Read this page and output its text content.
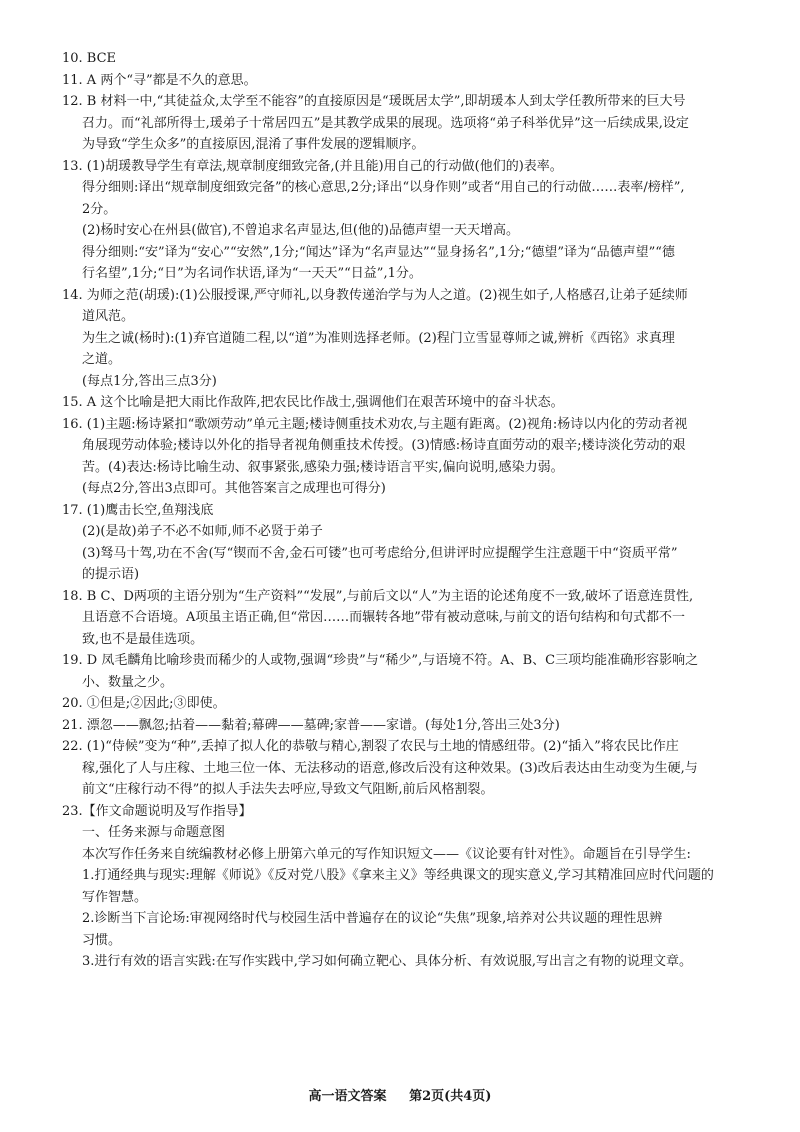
10. BCE
11. A 两个“寻”都是不久的意思。
12. B 材料一中,“其徒益众,太学至不能容”的直接原因是“瑗既居太学”,即胡瑗本人到太学任教所带来的巨大号
召力。而“礼部所得士,瑗弟子十常居四五”是其教学成果的展现。选项将“弟子科举优异”这一后续成果,设定
为导致“学生众多”的直接原因,混淆了事件发展的逻辑顺序。
13. (1)胡瑗教导学生有章法,规章制度细致完备,(并且能)用自己的行动做(他们的)表率。
得分细则:译出“规章制度细致完备”的核心意思,2分;译出“以身作则”或者“用自己的行动做……表率/榜样”,
2分。
(2)杨时安心在州县(做官),不曾追求名声显达,但(他的)品德声望一天天增高。
得分细则:“安”译为“安心”“安然”,1分;“闻达”译为“名声显达”“显身扬名”,1分;“德望”译为“品德声望”“德
行名望”,1分;“日”为名词作状语,译为“一天天”“日益”,1分。
14. 为师之范(胡瑗):(1)公服授课,严守师礼,以身教传递治学与为人之道。(2)视生如子,人格感召,让弟子延续师
道风范。
为生之诚(杨时):(1)弃官道随二程,以“道”为准则选择老师。(2)程门立雪显尊师之诚,辨析《西铭》求真理
之道。
(每点1分,答出三点3分)
15. A 这个比喻是把大雨比作敌阵,把农民比作战士,强调他们在艰苦环境中的奋斗状态。
16. (1)主题:杨诗紧扣“歌颂劳动”单元主题;楼诗侧重技术劝农,与主题有距离。(2)视角:杨诗以内化的劳动者视
角展现劳动体验;楼诗以外化的指导者视角侧重技术传授。(3)情感:杨诗直面劳动的艰辛;楼诗淡化劳动的艰
苦。(4)表达:杨诗比喻生动、叙事紧张,感染力强;楼诗语言平实,偏向说明,感染力弱。
(每点2分,答出3点即可。其他答案言之成理也可得分)
17. (1)鹰击长空,鱼翔浅底
(2)(是故)弟子不必不如师,师不必贤于弟子
(3)驽马十驾,功在不舍(写“锲而不舍,金石可镂”也可考虑给分,但讲评时应提醒学生注意题干中“资质平常”
的提示语)
18. B C、D两项的主语分别为“生产资料”“发展”,与前后文以“人”为主语的论述角度不一致,破坏了语意连贯性,
且语意不合语境。A项虽主语正确,但“常因……而辗转各地”带有被动意味,与前文的语句结构和句式都不一
致,也不是最佳选项。
19. D 凤毛麟角比喻珍贵而稀少的人或物,强调“珍贵”与“稀少”,与语境不符。A、B、C三项均能准确形容影响之
小、数量之少。
20. ①但是;②因此;③即使。
21. 漂忽——飘忽;拈着——黏着;幕碑——墓碑;家普——家谱。(每处1分,答出三处3分)
22. (1)“侍候”变为“种”,丢掉了拟人化的恭敬与精心,割裂了农民与土地的情感纽带。(2)“插入”将农民比作庄
稼,强化了人与庄稼、土地三位一体、无法移动的语意,修改后没有这种效果。(3)改后表达由生动变为生硬,与
前文“庄稼行动不得”的拟人手法失去呼应,导致文气阻断,前后风格割裂。
23.【作文命题说明及写作指导】
一、任务来源与命题意图
本次写作任务来自统编教材必修上册第六单元的写作知识短文——《议论要有针对性》。命题旨在引导学生:
1.打通经典与现实:理解《师说》《反对党八股》《拿来主义》等经典课文的现实意义,学习其精准回应时代问题的
写作智慧。
2.诊断当下言论场:审视网络时代与校园生活中普遍存在的议论“失焦”现象,培养对公共议题的理性思辨
习惯。
3.进行有效的语言实践:在写作实践中,学习如何确立靶心、具体分析、有效说服,写出言之有物的说理文章。
高一语文答案 第2页(共4页)
